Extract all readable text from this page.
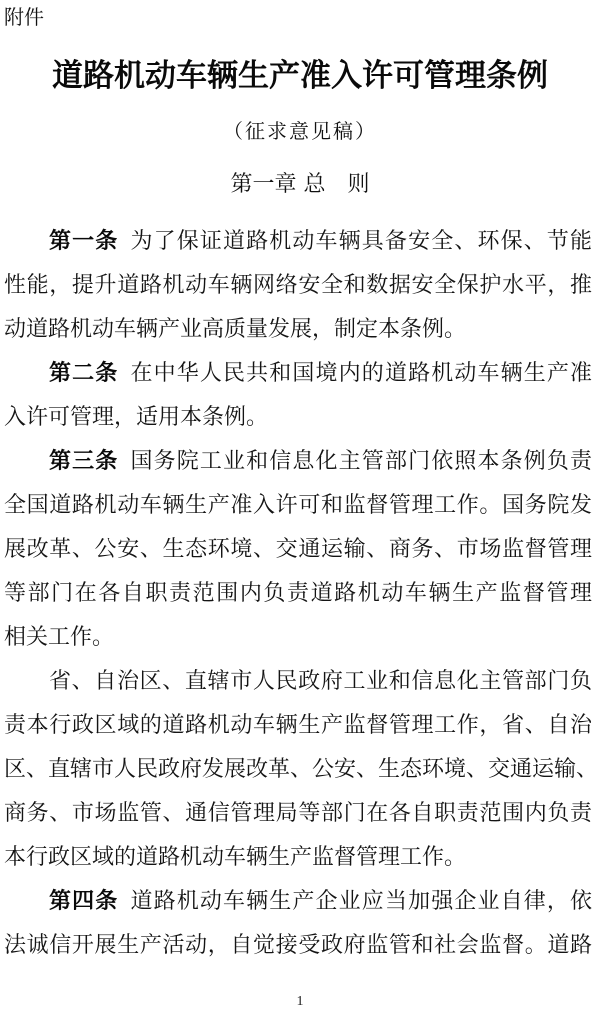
附件
道路机动车辆生产准入许可管理条例
（征求意见稿）
第一章 总　则
第一条  为了保证道路机动车辆具备安全、环保、节能
性能，提升道路机动车辆网络安全和数据安全保护水平，推
动道路机动车辆产业高质量发展，制定本条例。
第二条  在中华人民共和国境内的道路机动车辆生产准
入许可管理，适用本条例。
第三条  国务院工业和信息化主管部门依照本条例负责
全国道路机动车辆生产准入许可和监督管理工作。国务院发
展改革、公安、生态环境、交通运输、商务、市场监督管理
等部门在各自职责范围内负责道路机动车辆生产监督管理
相关工作。
省、自治区、直辖市人民政府工业和信息化主管部门负
责本行政区域的道路机动车辆生产监督管理工作，省、自治
区、直辖市人民政府发展改革、公安、生态环境、交通运输、
商务、市场监管、通信管理局等部门在各自职责范围内负责
本行政区域的道路机动车辆生产监督管理工作。
第四条  道路机动车辆生产企业应当加强企业自律，依
法诚信开展生产活动，自觉接受政府监管和社会监督。道路
1
